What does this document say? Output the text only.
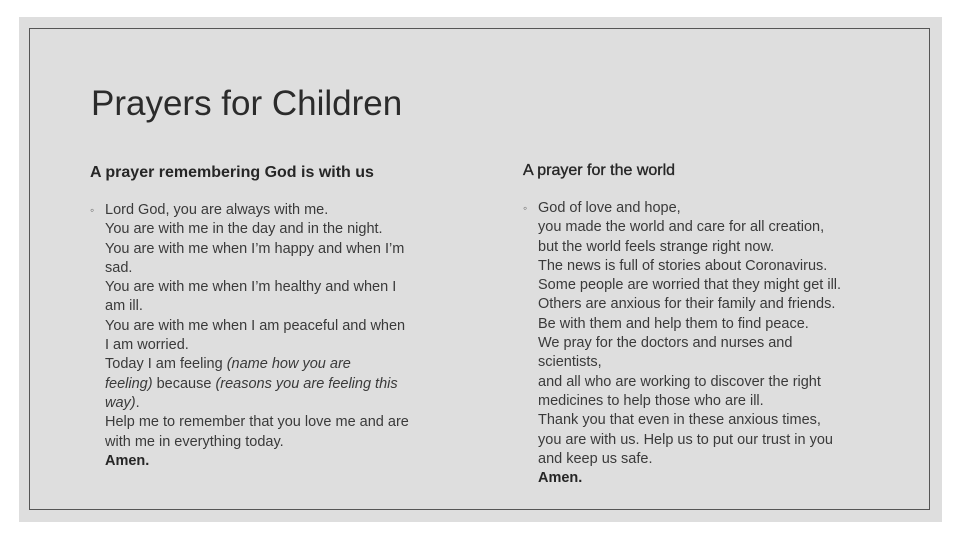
Prayers for Children

A prayer remembering God is with us

◦ Lord God, you are always with me.
You are with me in the day and in the night.
You are with me when I’m happy and when I’m
sad.
You are with me when I’m healthy and when I
am ill.
You are with me when I am peaceful and when
I am worried.
Today I am feeling (name how you are
feeling) because (reasons you are feeling this
way).
Help me to remember that you love me and are
with me in everything today.
Amen.

A prayer for the world

◦ God of love and hope,
you made the world and care for all creation,
but the world feels strange right now.
The news is full of stories about Coronavirus.
Some people are worried that they might get ill.
Others are anxious for their family and friends.
Be with them and help them to find peace.
We pray for the doctors and nurses and
scientists,
and all who are working to discover the right
medicines to help those who are ill.
Thank you that even in these anxious times,
you are with us. Help us to put our trust in you
and keep us safe.
Amen.
